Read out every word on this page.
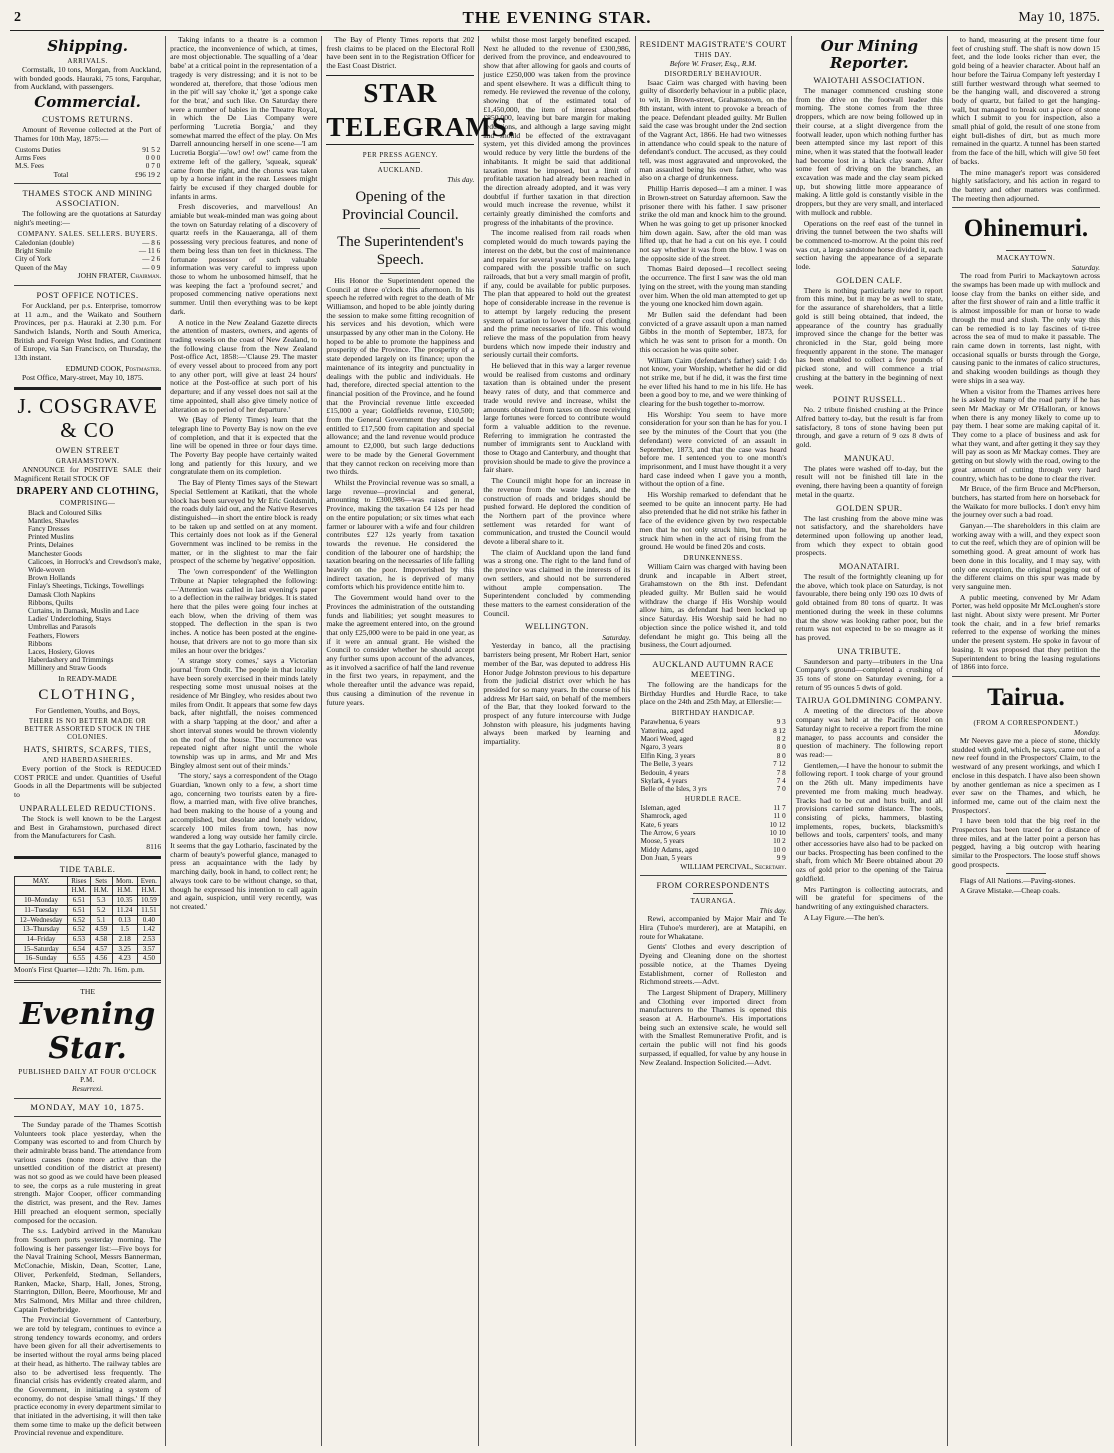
2	THE EVENING STAR.	May 10, 1875.
Shipping.
ARRIVALS.

Cormstalk, 10 tons, Morgan, from Auckland, with bonded goods. Hauraki, 75 tons, Farquhar, from Auckland, with passengers.

Commercial.
CUSTOMS RETURNS.

Amount of Revenue collected at the Port of Thames for 10th May, 1875:—

Customs Duties	91 5 2
Arms Fees	0 0 0
M.S. Fees	0 7 0
Total	£96 19 2
THAMES STOCK AND MINING ASSOCIATION.

The following are the quotations at Saturday night's meeting:—

COMPANY. SALES. SELLERS. BUYERS.
Caledonian (double)	— 8 6
Bright Smile	— 11 6
City of York	— 2 6
Queen of the May	— 0 9
JOHN FRATER, Chairman.
POST OFFICE NOTICES.

For Auckland, per p.s. Enterprise, tomorrow at 11 a.m., and the Waikato and Southern Provinces, per p.s. Hauraki at 2.30 p.m. For Sandwich Islands, North and South America, British and Foreign West Indies, and Continent of Europe, via San Francisco, on Thursday, the 13th instant.

EDMUND COOK, Postmaster.

Post Office, Mary-street, May 10, 1875.

J. COSGRAVE & CO
OWEN STREET
GRAHAMSTOWN.

ANNOUNCE for POSITIVE SALE their Magnificent Retail STOCK OF

DRAPERY AND CLOTHING,
COMPRISING—
Black and Coloured Silks
Mantles, Shawles
Fancy Dresses
Printed Muslins
Prints, Delaines
Manchester Goods
Calicoes, in Horrock's and Crewdson's make, Wide-woven
Brown Hollands
Finlay's Sheetings, Tickings, Towellings
Damask Cloth Napkins
Ribbons, Quilts
Curtains, in Damask, Muslin and Lace
Ladies' Underclothing, Stays
Umbrellas and Parasols
Feathers, Flowers
Ribbons
Laces, Hosiery, Gloves
Haberdashery and Trimmings
Millinery and Straw Goods
In READY-MADE
CLOTHING,
For Gentlemen, Youths, and Boys,
THERE IS NO BETTER MADE OR BETTER ASSORTED STOCK IN THE COLONIES.
HATS, SHIRTS, SCARFS, TIES,
AND HABERDASHERIES.

Every portion of the Stock is REDUCED COST PRICE and under. Quantities of Useful Goods in all the Departments will be subjected to

UNPARALLELED REDUCTIONS.

The Stock is well known to be the Largest and Best in Grahamstown, purchased direct from the Manufacturers for Cash.

8116
TIDE TABLE.
MAY.	Rises	Sets	Morn.	Even.
	H.M.	H.M.	H.M.	H.M.
10–Monday	6.51	5.3	10.35	10.59
11–Tuesday	6.51	5.2	11.24	11.51
12–Wednesday	6.52	5.1	0.13	0.40
13–Thursday	6.52	4.59	1.5	1.42
14–Friday	6.53	4.58	2.18	2.53
15–Saturday	6.54	4.57	3.25	3.57
16–Sunday	6.55	4.56	4.23	4.50

Moon's First Quarter—12th: 7h. 16m. p.m.

THE
Evening Star.
PUBLISHED DAILY AT FOUR O'CLOCK P.M.
Resurrexi.
MONDAY, MAY 10, 1875.

The Sunday parade of the Thames Scottish Volunteers took place yesterday, when the Company was escorted to and from Church by their admirable brass band. The attendance from various causes (none more active than the unsettled condition of the district at present) was not so good as we could have been pleased to see, the corps as a rule mustering in great strength. Major Cooper, officer commanding the district, was present, and the Rev. James Hill preached an eloquent sermon, specially composed for the occasion.

The s.s. Ladybird arrived in the Manukau from Southern ports yesterday morning. The following is her passenger list:—Five boys for the Naval Training School, Messrs Bannerman, McConachie, Miskin, Dean, Scotter, Lane, Oliver, Perkenfeld, Stedman, Sellanders, Ranken, Macke, Sharp, Hall, Jones, Strong, Starrington, Dillon, Beere, Moorhouse, Mr and Mrs Salmond, Mrs Millar and three children, Captain Fetherbridge.

The Provincial Government of Canterbury, we are told by telegram, continues to evince a strong tendency towards economy, and orders have been given for all their advertisements to be inserted without the royal arms being placed at their head, as hitherto. The railway tables are also to be advertised less frequently. The financial crisis has evidently created alarm, and the Government, in initiating a system of economy, do not despise 'small things.' If they practice economy in every department similar to that initiated in the advertising, it will then take them some time to make up the deficit between Provincial revenue and expenditure.

Taking infants to a theatre is a common practice, the inconvenience of which, at times, are most objectionable. The squalling of a 'dear babe' at a critical point in the representation of a tragedy is very distressing; and it is not to be wondered at, therefore, that those 'odious men in the pit' will say 'choke it,' 'get a sponge cake for the brat,' and such like. On Saturday there were a number of babies in the Theatre Royal, in which the De Lias Company were performing 'Lucretia Borgia,' and they somewhat marred the effect of the play. On Mrs Darrell announcing herself in one scene—'I am Lucretia Borgia'—'ow! ow! ow!' came from the extreme left of the gallery, 'squeak, squeak' came from the right, and the chorus was taken up by a horse infant in the rear. Lessees might fairly be excused if they charged double for infants in arms.

Fresh discoveries, and marvellous! An amiable but weak-minded man was going about the town on Saturday relating of a discovery of quartz reefs in the Kauaeranga, all of them possessing very precious features, and none of them being less than ten feet in thickness. The fortunate possessor of such valuable information was very careful to impress upon those to whom he unbosomed himself, that he was keeping the fact a 'profound secret,' and proposed commencing native operations next summer. Until then everything was to be kept dark.

A notice in the New Zealand Gazette directs the attention of masters, owners, and agents of trading vessels on the coast of New Zealand, to the following clause from the New Zealand Post-office Act, 1858:—'Clause 29. The master of every vessel about to proceed from any port to any other port, will give at least 24 hours' notice at the Post-office at such port of his departure; and if any vessel does not sail at the time appointed, shall also give timely notice of alteration as to period of her departure.'

We (Bay of Plenty Times) learn that the telegraph line to Poverty Bay is now on the eve of completion, and that it is expected that the line will be opened in three or four days time. The Poverty Bay people have certainly waited long and patiently for this luxury, and we congratulate them on its completion.

The Bay of Plenty Times says of the Stewart Special Settlement at Katikati, that the whole block has been surveyed by Mr Eric Goldsmith, the roads duly laid out, and the Native Reserves distinguished—in short the entire block is ready to be taken up and settled on at any moment. This certainly does not look as if the General Government was inclined to be remiss in the matter, or in the slightest to mar the fair prospect of the scheme by 'negative' opposition.

The 'own correspondent' of the Wellington Tribune at Napier telegraphed the following:—'Attention was called in last evening's paper to a deflection in the railway bridges. It is stated here that the piles were going four inches at each blow, when the driving of them was stopped. The deflection in the span is two inches. A notice has been posted at the engine-house, that drivers are not to go more than six miles an hour over the bridges.'

'A strange story comes,' says a Victorian journal 'from Ondit. The people in that locality have been sorely exercised in their minds lately respecting some most unusual noises at the residence of Mr Bingley, who resides about two miles from Ondit. It appears that some few days back, after nightfall, the noises commenced with a sharp 'tapping at the door,' and after a short interval stones would be thrown violently on the roof of the house. The occurrence was repeated night after night until the whole township was up in arms, and Mr and Mrs Bingley almost sent out of their minds.'

'The story,' says a correspondent of the Otago Guardian, 'known only to a few, a short time ago, concerning two tourists eaten by a fire-flow, a married man, with five olive branches, had been making to the house of a young and accomplished, but desolate and lonely widow, scarcely 100 miles from town, has now wandered a long way outside her family circle. It seems that the gay Lothario, fascinated by the charm of beauty's powerful glance, managed to press an acquaintance with the lady by marching daily, book in hand, to collect rent; he always took care to be without change, so that, though he expressed his intention to call again and again, suspicion, until very recently, was not created.'

The Bay of Plenty Times reports that 202 fresh claims to be placed on the Electoral Roll have been sent in to the Registration Officer for the East Coast District.

STAR TELEGRAMS.
PER PRESS AGENCY.
AUCKLAND.
This day.
Opening of the Provincial Council.
The Superintendent's Speech.

His Honor the Superintendent opened the Council at three o'clock this afternoon. In his speech he referred with regret to the death of Mr Williamson, and hoped to be able jointly during the session to make some fitting recognition of his services and his devotion, which were unsurpassed by any other man in the Colony. He hoped to be able to promote the happiness and prosperity of the Province. The prosperity of a state depended largely on its finance; upon the maintenance of its integrity and punctuality in dealings with the public and individuals. He had, therefore, directed special attention to the financial position of the Province, and he found that the Provincial revenue little exceeded £15,000 a year; Goldfields revenue, £10,500; from the General Government they should be entitled to £17,500 from capitation and special allowance; and the land revenue would produce amount to £2,000, but such large deductions were to be made by the General Government that they cannot reckon on receiving more than two thirds.

Whilst the Provincial revenue was so small, a large revenue—provincial and general, amounting to £300,986—was raised in the Province, making the taxation £4 12s per head on the entire population; or six times what each farmer or labourer with a wife and four children contributes £27 12s yearly from taxation towards the revenue. He considered the condition of the labourer one of hardship; the taxation bearing on the necessaries of life falling heavily on the poor. Impoverished by this indirect taxation, he is deprived of many comforts which his providence entitle him to.

The Government would hand over to the Provinces the administration of the outstanding funds and liabilities; yet sought measures to make the agreement entered into, on the ground that only £25,000 were to be paid in one year, as if it were an annual grant. He wished the Council to consider whether he should accept any further sums upon account of the advances, as it involved a sacrifice of half the land revenue in the first two years, in repayment, and the whole thereafter until the advance was repaid, thus causing a diminution of the revenue in future years.

whilst those most largely benefited escaped. Next he alluded to the revenue of £300,986, derived from the province, and endeavoured to show that after allowing for gaols and courts of justice £250,000 was taken from the province and spent elsewhere. It was a difficult thing to remedy. He reviewed the revenue of the colony, showing that of the estimated total of £1,450,000, the item of interest absorbed £850,000, leaving but bare margin for making reductions, and although a large saving might and should be effected of the extravagant system, yet this divided among the provinces would reduce by very little the burdens of the inhabitants. It might be said that additional taxation must be imposed, but a limit of profitable taxation had already been reached in the direction already adopted, and it was very doubtful if further taxation in that direction would much increase the revenue, whilst it certainly greatly diminished the comforts and progress of the inhabitants of the province.

The income realised from rail roads when completed would do much towards paying the interest on the debt, but the cost of maintenance and repairs for several years would be so large, compared with the possible traffic on such railroads, that but a very small margin of profit, if any, could be available for public purposes. The plan that appeared to hold out the greatest hope of considerable increase in the revenue is to attempt by largely reducing the present system of taxation to lower the cost of clothing and the prime necessaries of life. This would relieve the mass of the population from heavy burdens which now impede their industry and seriously curtail their comforts.

He believed that in this way a larger revenue would be realised from customs and ordinary taxation than is obtained under the present heavy rates of duty, and that commerce and trade would revive and increase, whilst the amounts obtained from taxes on those receiving large fortunes were forced to contribute would form a valuable addition to the revenue. Referring to immigration he contrasted the number of immigrants sent to Auckland with those to Otago and Canterbury, and thought that provision should be made to give the province a fair share.

The Council might hope for an increase in the revenue from the waste lands, and the construction of roads and bridges should be pushed forward. He deplored the condition of the Northern part of the province where settlement was retarded for want of communication, and trusted the Council would devote a liberal share to it.

The claim of Auckland upon the land fund was a strong one. The right to the land fund of the province was claimed in the interests of its own settlers, and should not be surrendered without ample compensation. The Superintendent concluded by commending these matters to the earnest consideration of the Council.

WELLINGTON.
Saturday.

Yesterday in banco, all the practising barristers being present, Mr Robert Hart, senior member of the Bar, was deputed to address His Honor Judge Johnston previous to his departure from the judicial district over which he has presided for so many years. In the course of his address Mr Hart said, on behalf of the members of the Bar, that they looked forward to the prospect of any future intercourse with Judge Johnston with pleasure, his judgments having always been marked by learning and impartiality.

RESIDENT MAGISTRATE'S COURT
THIS DAY.
Before W. Fraser, Esq., R.M.
DISORDERLY BEHAVIOUR.

Isaac Cairn was charged with having been guilty of disorderly behaviour in a public place, to wit, in Brown-street, Grahamstown, on the 8th instant, with intent to provoke a breach of the peace. Defendant pleaded guilty. Mr Bullen said the case was brought under the 2nd section of the Vagrant Act, 1866. He had two witnesses in attendance who could speak to the nature of defendant's conduct. The accused, as they could tell, was most aggravated and unprovoked, the man assaulted being his own father, who was also on a charge of drunkenness.

Phillip Harris deposed—I am a miner. I was in Brown-street on Saturday afternoon. Saw the prisoner there with his father. I saw prisoner strike the old man and knock him to the ground. When he was going to get up prisoner knocked him down again. Saw, after the old man was lifted up, that he had a cut on his eye. I could not say whether it was from the blow. I was on the opposite side of the street.

Thomas Baird deposed—I recollect seeing the occurrence. The first I saw was the old man lying on the street, with the young man standing over him. When the old man attempted to get up the young one knocked him down again.

Mr Bullen said the defendant had been convicted of a grave assault upon a man named Gibbs in the month of September, 1873, for which he was sent to prison for a month. On this occasion he was quite sober.

William Cairn (defendant's father) said: I do not know, your Worship, whether he did or did not strike me, but if he did, it was the first time he ever lifted his hand to me in his life. He has been a good boy to me, and we were thinking of clearing for the bush together to-morrow.

His Worship: You seem to have more consideration for your son than he has for you. I see by the minutes of the Court that you (the defendant) were convicted of an assault in September, 1873, and that the case was heard before me. I sentenced you to one month's imprisonment, and I must have thought it a very hard case indeed when I gave you a month, without the option of a fine.

His Worship remarked to defendant that he seemed to be quite an innocent party. He had also pretended that he did not strike his father in face of the evidence given by two respectable men that he not only struck him, but that he struck him when in the act of rising from the ground. He would be fined 20s and costs.

DRUNKENNESS.

William Cairn was charged with having been drunk and incapable in Albert street, Grahamstown on the 8th inst. Defendant pleaded guilty. Mr Bullen said he would withdraw the charge if His Worship would allow him, as defendant had been locked up since Saturday. His Worship said he had no objection since the police wished it, and told defendant he might go. This being all the business, the Court adjourned.

AUCKLAND AUTUMN RACE MEETING.

The following are the handicaps for the Birthday Hurdles and Hurdle Race, to take place on the 24th and 25th May, at Ellerslie:—

BIRTHDAY HANDICAP.
Parawhenua, 6 years	9 3
Yatterina, aged	8 12
Maori Weed, aged	8 2
Ngaro, 3 years	8 0
Elfin King, 3 years	8 0
The Belle, 3 years	7 12
Bedouin, 4 years	7 8
Skylark, 4 years	7 4
Belle of the Isles, 3 yrs	7 0
HURDLE RACE.
Isleman, aged	11 7
Shamrock, aged	11 0
Kate, 6 years	10 12
The Arrow, 6 years	10 10
Moose, 5 years	10 2
Middy Adams, aged	10 0
Don Juan, 5 years	9 9
WILLIAM PERCIVAL, Secretary.
FROM CORRESPONDENTS
TAURANGA.
This day.

Rewi, accompanied by Major Mair and Te Hira (Tuhoe's murderer), are at Matapihi, en route for Whakatane.

Gents' Clothes and every description of Dyeing and Cleaning done on the shortest possible notice, at the Thames Dyeing Establishment, corner of Rolleston and Richmond streets.—Advt.

The Largest Shipment of Drapery, Millinery and Clothing ever imported direct from manufacturers to the Thames is opened this season at A. Harbourne's. His importations being such an extensive scale, he would sell with the Smallest Remunerative Profit, and is certain the public will not find his goods surpassed, if equalled, for value by any house in New Zealand. Inspection Solicited.—Advt.

Our Mining Reporter.
WAIOTAHI ASSOCIATION.

The manager commenced crushing stone from the drive on the footwall leader this morning. The stone comes from the three droppers, which are now being followed up in their course, at a slight divergence from the footwall leader, upon which nothing further has been attempted since my last report of this mine, when it was stated that the footwall leader had become lost in a black clay seam. After some feet of driving on the branches, an excavation was made and the clay seam picked up, but showing little more appearance of making. A little gold is constantly visible in the droppers, but they are very small, and interlaced with mullock and rubble.

Operations on the reef east of the tunnel in driving the tunnel between the two shafts will be commenced to-morrow. At the point this reef was cut, a large sandstone horse divided it, each section having the appearance of a separate lode.

GOLDEN CALF.

There is nothing particularly new to report from this mine, but it may be as well to state, for the assurance of shareholders, that a little gold is still being obtained, that indeed, the appearance of the country has gradually improved since the change for the better was chronicled in the Star, gold being more frequently apparent in the stone. The manager has been enabled to collect a few pounds of picked stone, and will commence a trial crushing at the battery in the beginning of next week.

POINT RUSSELL.

No. 2 tribute finished crushing at the Prince Alfred battery to-day, but the result is far from satisfactory, 8 tons of stone having been put through, and gave a return of 9 ozs 8 dwts of gold.

MANUKAU.

The plates were washed off to-day, but the result will not be finished till late in the evening, there having been a quantity of foreign metal in the quartz.

GOLDEN SPUR.

The last crushing from the above mine was not satisfactory, and the shareholders have determined upon following up another lead, from which they expect to obtain good prospects.

MOANATAIRI.

The result of the fortnightly cleaning up for the above, which took place on Saturday, is not favourable, there being only 190 ozs 10 dwts of gold obtained from 80 tons of quartz. It was mentioned during the week in these columns that the show was looking rather poor, but the return was not expected to be so meagre as it has proved.

UNA TRIBUTE.

Saunderson and party—tributers in the Una Company's ground—completed a crushing of 35 tons of stone on Saturday evening, for a return of 95 ounces 5 dwts of gold.

TAIRUA GOLDMINING COMPANY.

A meeting of the directors of the above company was held at the Pacific Hotel on Saturday night to receive a report from the mine manager, to pass accounts and consider the question of machinery. The following report was read:—

Gentlemen,—I have the honour to submit the following report. I took charge of your ground on the 26th ult. Many impediments have prevented me from making much headway. Tracks had to be cut and huts built, and all provisions carried some distance. The tools, consisting of picks, hammers, blasting implements, ropes, buckets, blacksmith's bellows and tools, carpenters' tools, and many other accessories have also had to be packed on our backs. Prospecting has been confined to the shaft, from which Mr Beere obtained about 20 ozs of gold prior to the opening of the Tairua goldfield.

Mrs Partington is collecting autocrats, and will be grateful for specimens of the handwriting of any extinguished characters.

A Lay Figure.—The hen's.

to hand, measuring at the present time four feet of crushing stuff. The shaft is now down 15 feet, and the lode looks richer than ever, the gold being of a heavier character. About half an hour before the Tairua Company left yesterday I still further westward through what seemed to be the hanging wall, and discovered a strong body of quartz, but failed to get the hanging-wall, but managed to break out a piece of stone which I submit to you for inspection, also a small phial of gold, the result of one stone from eight bull-dishes of dirt, but as much more remained in the quartz. A tunnel has been started from the face of the hill, which will give 50 feet of backs.

The mine manager's report was considered highly satisfactory, and his action in regard to the battery and other matters was confirmed. The meeting then adjourned.

Ohinemuri.
MACKAYTOWN.
Saturday.

The road from Puriri to Mackaytown across the swamps has been made up with mullock and loose clay from the banks on either side, and after the first shower of rain and a little traffic it is almost impossible for man or horse to wade through the mud and slush. The only way this can be remedied is to lay fascines of ti-tree across the sea of mud to make it passable. The rain came down in torrents, last night, with occasional squalls or bursts through the Gorge, causing panic to the inmates of calico structures, and shaking wooden buildings as though they were ships in a sea way.

When a visitor from the Thames arrives here he is asked by many of the road party if he has seen Mr Mackay or Mr O'Halloran, or knows when there is any money likely to come up to pay them. I hear some are making capital of it. They come to a place of business and ask for what they want, and after getting it they say they will pay as soon as Mr Mackay comes. They are getting on but slowly with the road, owing to the great amount of cutting through very hard country, which has to be done to clear the river.

Mr Bruce, of the firm Bruce and McPherson, butchers, has started from here on horseback for the Waikato for more bullocks. I don't envy him the journey over such a bad road.

Ganyan.—The shareholders in this claim are working away with a will, and they expect soon to cut the reef, which they are of opinion will be something good. A great amount of work has been done in this locality, and I may say, with only one exception, the original pegging out of the different claims on this spur was made by very sanguine men.

A public meeting, convened by Mr Adam Porter, was held opposite Mr McLoughen's store last night. About sixty were present. Mr Porter took the chair, and in a few brief remarks referred to the expense of working the mines under the present system. He spoke in favour of leasing. It was proposed that they petition the Superintendent to bring the leasing regulations of 1866 into force.

Tairua.
(FROM A CORRESPONDENT.)
Monday.

Mr Neeves gave me a piece of stone, thickly studded with gold, which, he says, came out of a new reef found in the Prospectors' Claim, to the westward of any present workings, and which I enclose in this despatch. I have also been shown by another gentleman as nice a specimen as I ever saw on the Thames, and which, he informed me, came out of the claim next the Prospectors'.

I have been told that the big reef in the Prospectors has been traced for a distance of three miles, and at the latter point a person has pegged, having a big outcrop with hearing similar to the Prospectors. The loose stuff shows good prospects.

Flags of All Nations.—Paving-stones.

A Grave Mistake.—Cheap coals.
